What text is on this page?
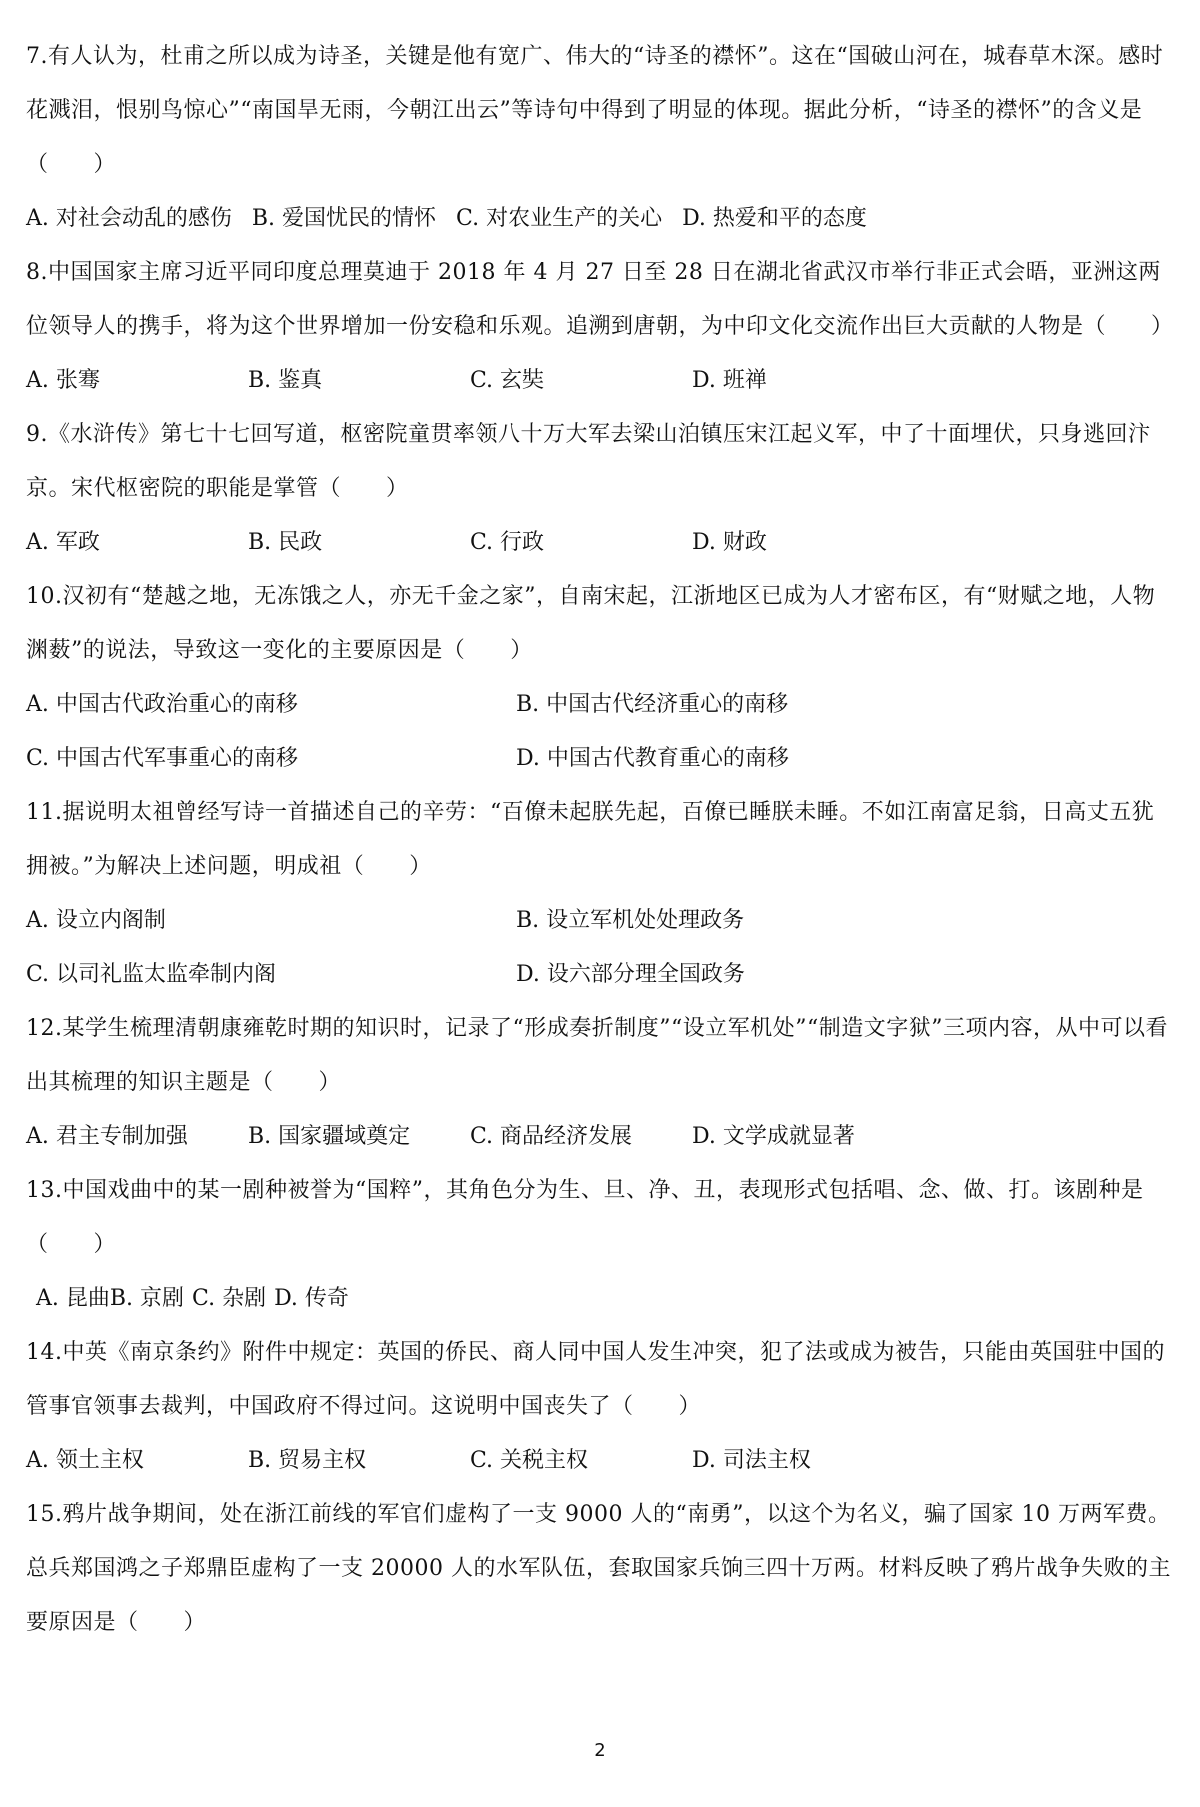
7.有人认为，杜甫之所以成为诗圣，关键是他有宽广、伟大的“诗圣的襟怀”。这在“国破山河在，城春草木深。感时花溅泪，恨别鸟惊心”“南国旱无雨，今朝江出云”等诗句中得到了明显的体现。据此分析，“诗圣的襟怀”的含义是（　　）

A. 对社会动乱的感伤 B. 爱国忧民的情怀 C. 对农业生产的关心 D. 热爱和平的态度

8.中国国家主席习近平同印度总理莫迪于 2018 年 4 月 27 日至 28 日在湖北省武汉市举行非正式会晤，亚洲这两位领导人的携手，将为这个世界增加一份安稳和乐观。追溯到唐朝，为中印文化交流作出巨大贡献的人物是（　　）

A. 张骞	B. 鉴真	C. 玄奘	D. 班禅

9.《水浒传》第七十七回写道，枢密院童贯率领八十万大军去梁山泊镇压宋江起义军，中了十面埋伏，只身逃回汴京。宋代枢密院的职能是掌管（　　）

A. 军政	B. 民政	C. 行政	D. 财政

10.汉初有“楚越之地，无冻饿之人，亦无千金之家”，自南宋起，江浙地区已成为人才密布区，有“财赋之地，人物渊薮”的说法，导致这一变化的主要原因是（　　）

A. 中国古代政治重心的南移	B. 中国古代经济重心的南移
C. 中国古代军事重心的南移	D. 中国古代教育重心的南移

11.据说明太祖曾经写诗一首描述自己的辛劳：“百僚未起朕先起，百僚已睡朕未睡。不如江南富足翁，日高丈五犹拥被。”为解决上述问题，明成祖（　　）

A. 设立内阁制	B. 设立军机处处理政务
C. 以司礼监太监牵制内阁	D. 设六部分理全国政务

12.某学生梳理清朝康雍乾时期的知识时，记录了“形成奏折制度”“设立军机处”“制造文字狱”三项内容，从中可以看出其梳理的知识主题是（　　）

A. 君主专制加强	B. 国家疆域奠定	C. 商品经济发展	D. 文学成就显著

13.中国戏曲中的某一剧种被誉为“国粹”，其角色分为生、旦、净、丑，表现形式包括唱、念、做、打。该剧种是（　　）

A. 昆曲B. 京剧 C. 杂剧 D. 传奇

14.中英《南京条约》附件中规定：英国的侨民、商人同中国人发生冲突，犯了法或成为被告，只能由英国驻中国的管事官领事去裁判，中国政府不得过问。这说明中国丧失了（　　）

A. 领土主权	B. 贸易主权	C. 关税主权	D. 司法主权

15.鸦片战争期间，处在浙江前线的军官们虚构了一支 9000 人的“南勇”，以这个为名义，骗了国家 10 万两军费。总兵郑国鸿之子郑鼎臣虚构了一支 20000 人的水军队伍，套取国家兵饷三四十万两。材料反映了鸦片战争失败的主要原因是（　　）

2
